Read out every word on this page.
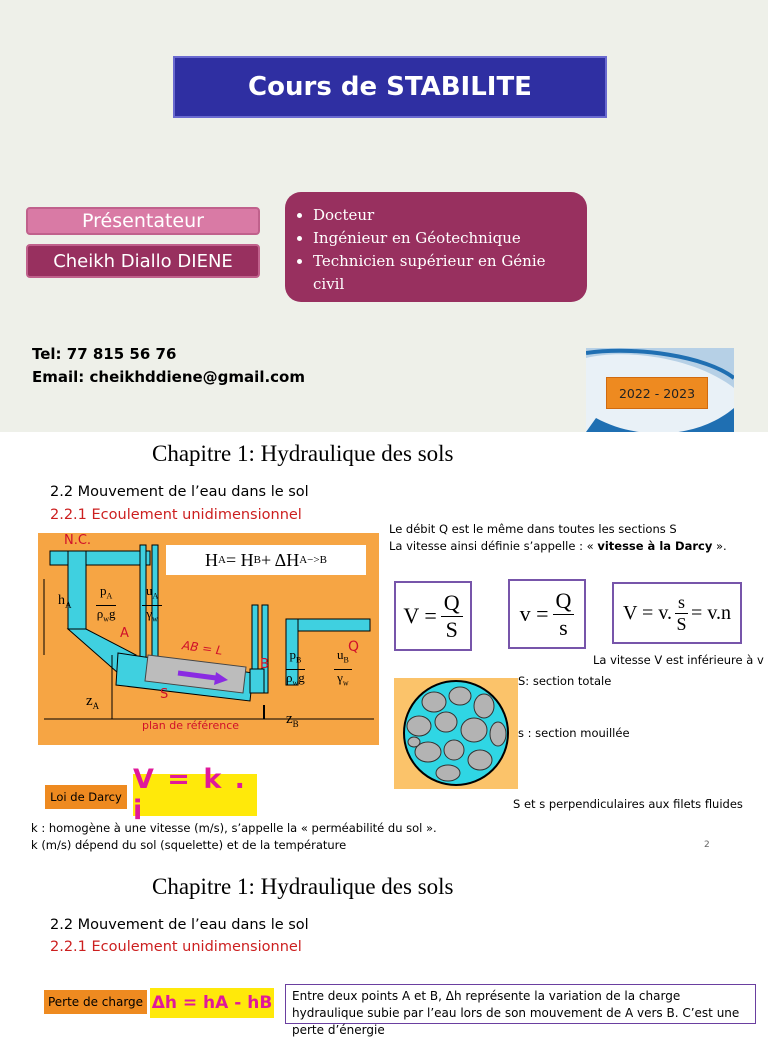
Cours de STABILITE
Présentateur
Cheikh Diallo DIENE
• Docteur
• Ingénieur en Géotechnique
• Technicien supérieur en Génie civil
Tel: 77 815 56 76
Email: cheikhddiene@gmail.com
2022 - 2023
Chapitre 1: Hydraulique des sols
2.2 Mouvement de l’eau dans le sol
2.2.1 Ecoulement unidimensionnel
Le débit Q est le même dans toutes les sections S
La vitesse ainsi définie s’appelle : « vitesse à la Darcy ».
H A = H B + ΔH A−>B
N.C.
$h_A$
$p_A$
$\rho_wg$
$u_A$
$\gamma_w$
A
AB = L
S
B
Q
$p_B$
$\rho_wg$
$u_B$
$\gamma_w$
$z_A$
$z_B$
plan de référence
$V = \frac{Q}{S}$	$v = \frac{Q}{s}$ V = v. $\frac{s}{S} = v.n$
La vitesse V est inférieure à v
S: section totale
s : section mouillée
S et s perpendiculaires aux filets fluides
Loi de Darcy
V = k . i
k : homogène à une vitesse (m/s), s’appelle la « perméabilité du sol ».
k (m/s) dépend du sol (squelette) et de la température	2
Chapitre 1: Hydraulique des sols
2.2 Mouvement de l’eau dans le sol
2.2.1 Ecoulement unidimensionnel
Perte de charge Δh = hA - hB	Entre deux points A et B, Δh représente la variation de la charge hydraulique subie par l’eau lors de son mouvement de A vers B. C’est une perte d’énergie
